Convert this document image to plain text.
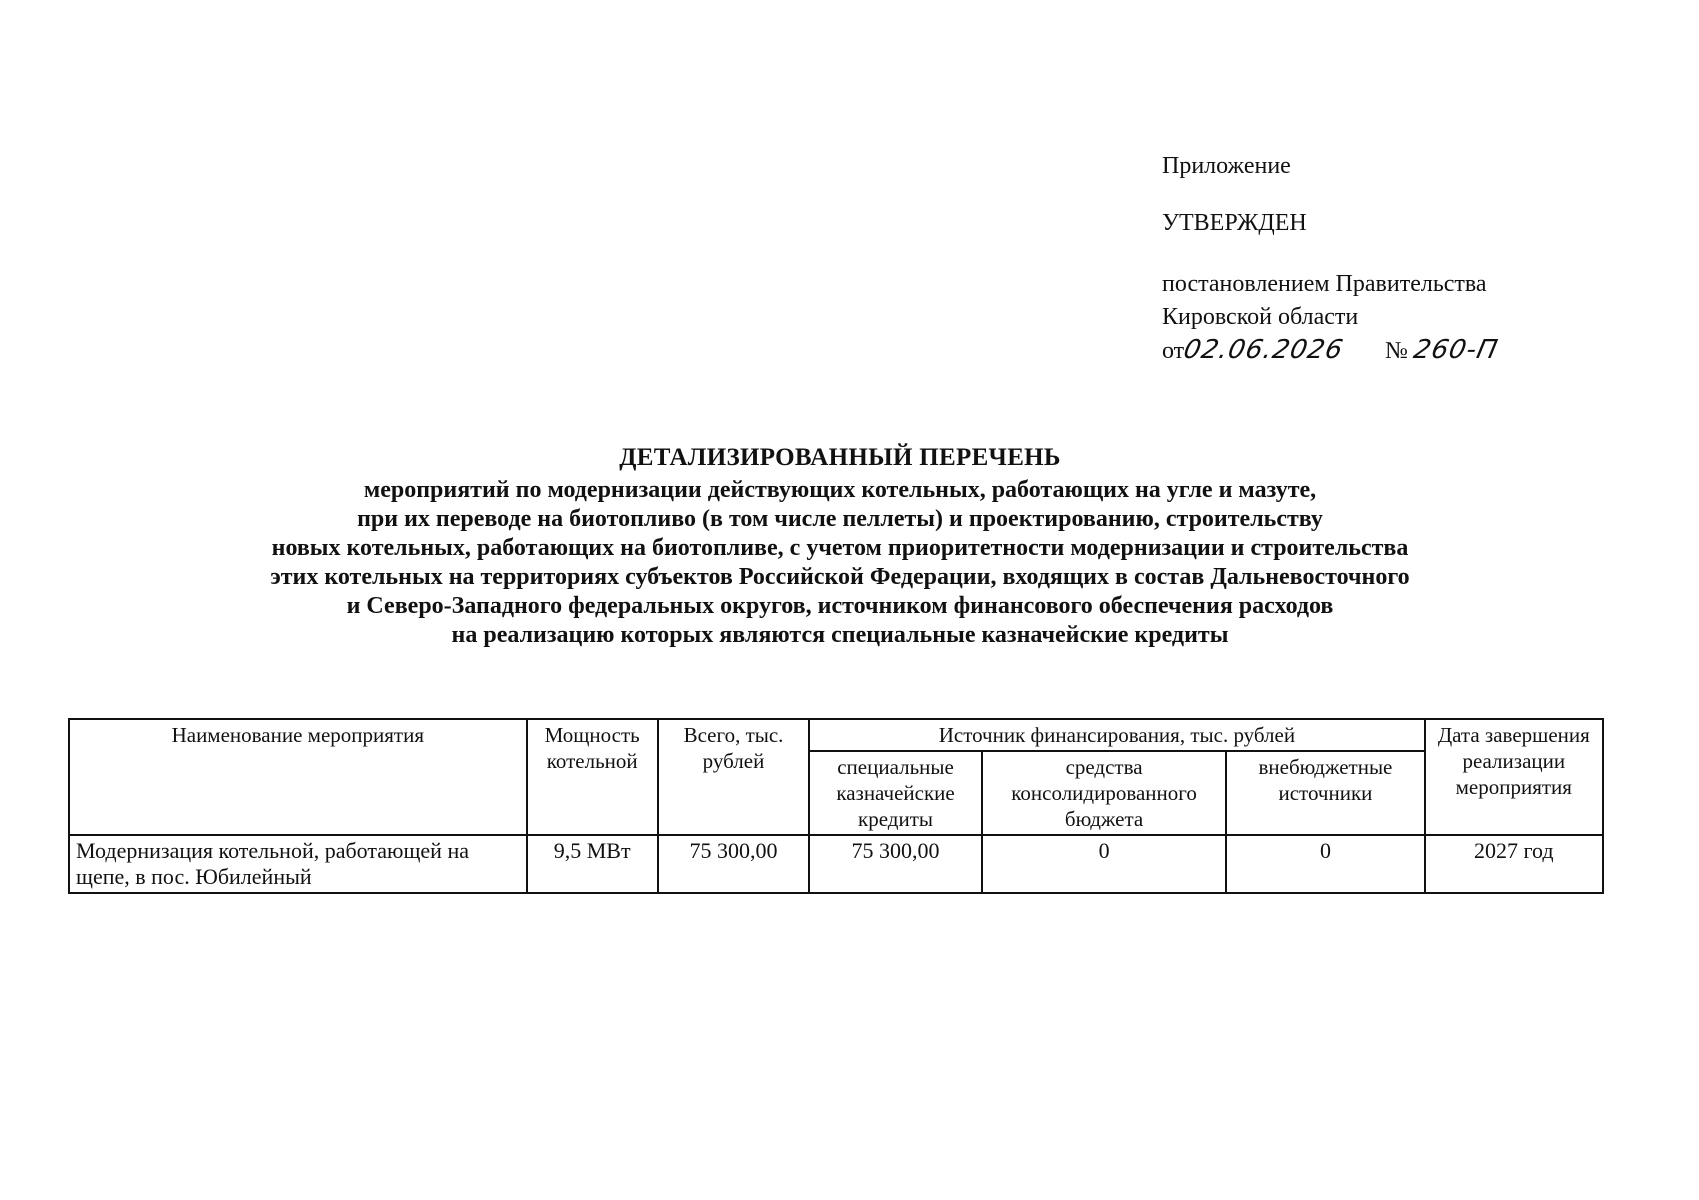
Приложение
УТВЕРЖДЕН
постановлением Правительства
Кировской области
от02.06.2026 № 260-П
ДЕТАЛИЗИРОВАННЫЙ ПЕРЕЧЕНЬ
мероприятий по модернизации действующих котельных, работающих на угле и мазуте,
при их переводе на биотопливо (в том числе пеллеты) и проектированию, строительству
новых котельных, работающих на биотопливе, с учетом приоритетности модернизации и строительства
этих котельных на территориях субъектов Российской Федерации, входящих в состав Дальневосточного
и Северо-Западного федеральных округов, источником финансового обеспечения расходов
на реализацию которых являются специальные казначейские кредиты
Наименование мероприятия	Мощность котельной	Всего, тыс. рублей	Источник финансирования, тыс. рублей			Дата завершения реализации мероприятия
			специальные казначейские кредиты	средства консолидированного бюджета	внебюджетные источники	
Модернизация котельной, работающей на щепе, в пос. Юбилейный	9,5 МВт	75 300,00	75 300,00	0	0	2027 год
